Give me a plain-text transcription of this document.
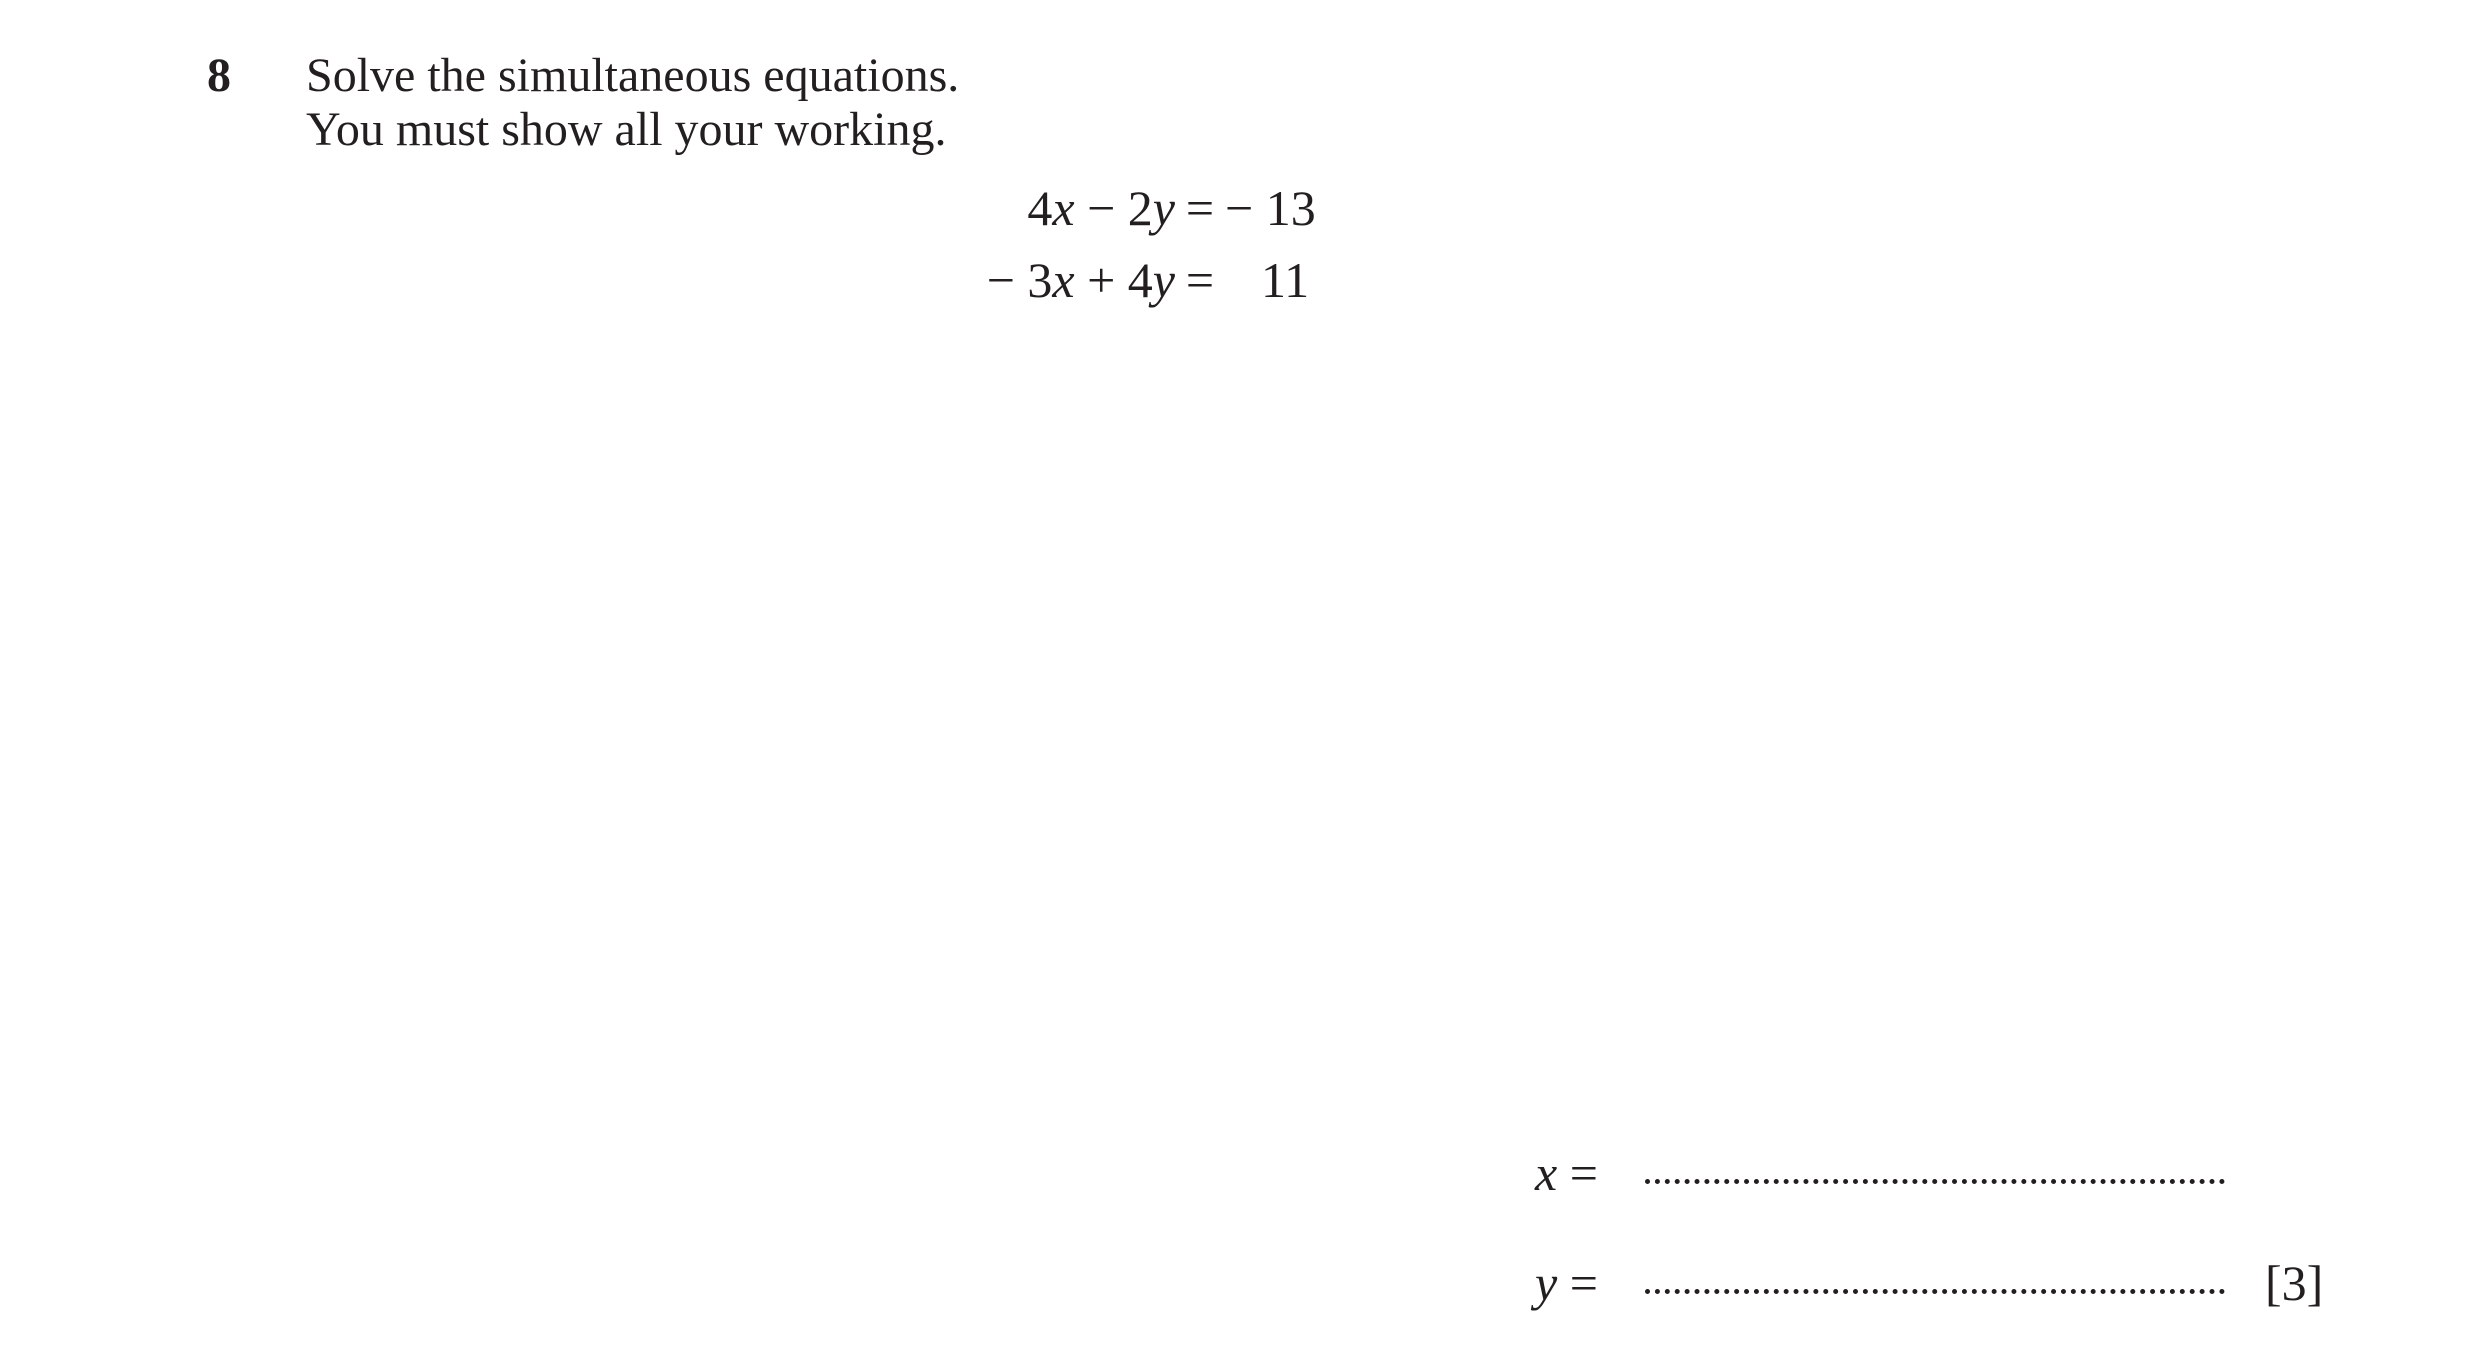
8 Solve the simultaneous equations.
You must show all your working.
4x − 2y = − 13
− 3x + 4y = 11
x =
y =	[3]
